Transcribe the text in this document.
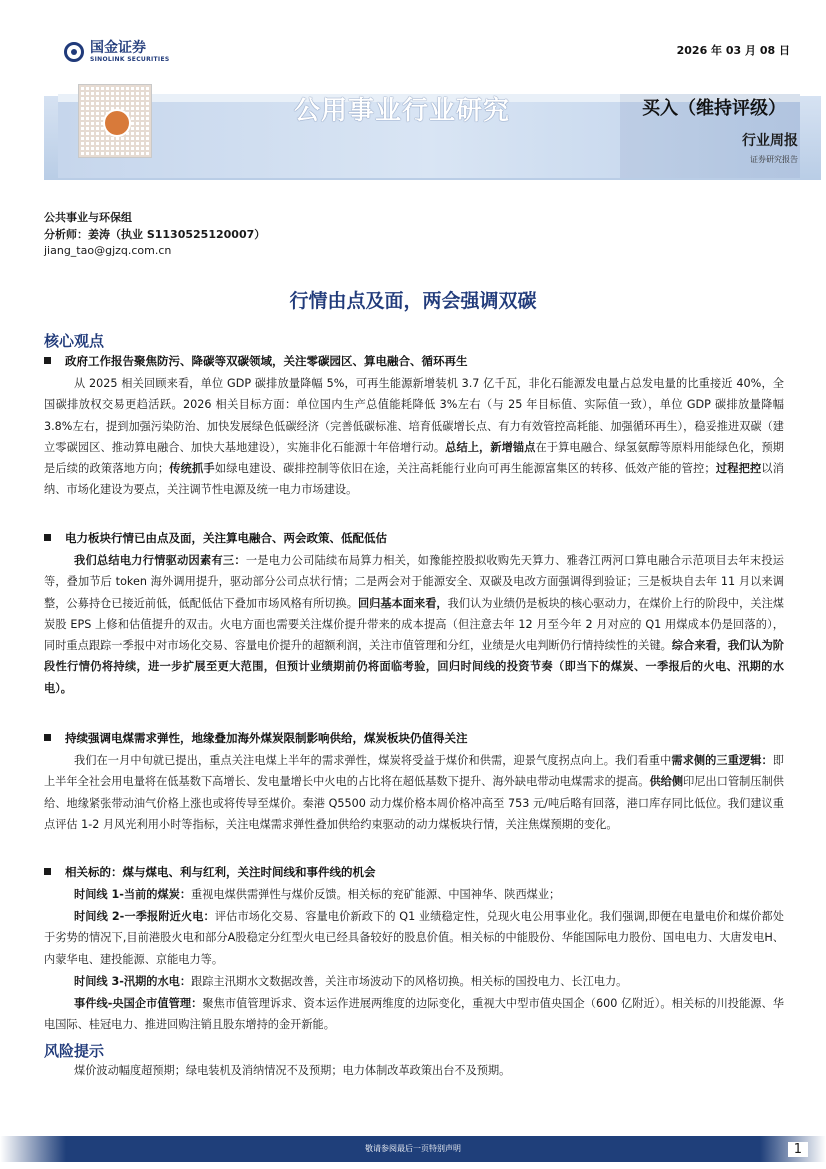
国金证券
SINOLINK SECURITIES
2026 年 03 月 08 日
公用事业行业研究	买入（维持评级）
行业周报
证券研究报告
公共事业与环保组
分析师：姜涛（执业 S1130525120007）
jiang_tao@gjzq.com.cn
行情由点及面，两会强调双碳
核心观点
政府工作报告聚焦防污、降碳等双碳领域，关注零碳园区、算电融合、循环再生
从 2025 相关回顾来看，单位 GDP 碳排放量降幅 5%，可再生能源新增装机 3.7 亿千瓦，非化石能源发电量占总发电量的比重接近 40%，全国碳排放权交易更趋活跃。2026 相关目标方面：单位国内生产总值能耗降低 3%左右（与 25 年目标值、实际值一致），单位 GDP 碳排放量降幅 3.8%左右，提到加强污染防治、加快发展绿色低碳经济（完善低碳标准、培育低碳增长点、有力有效管控高耗能、加强循环再生），稳妥推进双碳（建立零碳园区、推动算电融合、加快大基地建设），实施非化石能源十年倍增行动。总结上，新增锚点在于算电融合、绿氢氨醇等原料用能绿色化，预期是后续的政策落地方向；传统抓手如绿电建设、碳排控制等依旧在途，关注高耗能行业向可再生能源富集区的转移、低效产能的管控；过程把控以消纳、市场化建设为要点，关注调节性电源及统一电力市场建设。
电力板块行情已由点及面，关注算电融合、两会政策、低配低估
我们总结电力行情驱动因素有三：一是电力公司陆续布局算力相关，如豫能控股拟收购先天算力、雅砻江两河口算电融合示范项目去年末投运等，叠加节后 token 海外调用提升，驱动部分公司点状行情；二是两会对于能源安全、双碳及电改方面强调得到验证；三是板块自去年 11 月以来调整，公募持仓已接近前低，低配低估下叠加市场风格有所切换。回归基本面来看，我们认为业绩仍是板块的核心驱动力，在煤价上行的阶段中，关注煤炭股 EPS 上修和估值提升的双击。火电方面也需要关注煤价提升带来的成本提高（但注意去年 12 月至今年 2 月对应的 Q1 用煤成本仍是回落的），同时重点跟踪一季报中对市场化交易、容量电价提升的超额利润，关注市值管理和分红，业绩是火电判断仍行情持续性的关键。综合来看，我们认为阶段性行情仍将持续，进一步扩展至更大范围，但预计业绩期前仍将面临考验，回归时间线的投资节奏（即当下的煤炭、一季报后的火电、汛期的水电）。
持续强调电煤需求弹性，地缘叠加海外煤炭限制影响供给，煤炭板块仍值得关注
我们在一月中旬就已提出，重点关注电煤上半年的需求弹性，煤炭将受益于煤价和供需，迎景气度拐点向上。我们看重中需求侧的三重逻辑：即上半年全社会用电量将在低基数下高增长、发电量增长中火电的占比将在超低基数下提升、海外缺电带动电煤需求的提高。供给侧印尼出口管制压制供给、地缘紧张带动油气价格上涨也或将传导至煤价。秦港 Q5500 动力煤价格本周价格冲高至 753 元/吨后略有回落，港口库存同比低位。我们建议重点评估 1-2 月风光利用小时等指标，关注电煤需求弹性叠加供给约束驱动的动力煤板块行情，关注焦煤预期的变化。
相关标的：煤与煤电、利与红利，关注时间线和事件线的机会
时间线 1-当前的煤炭：重视电煤供需弹性与煤价反馈。相关标的兖矿能源、中国神华、陕西煤业；
时间线 2-一季报附近火电：评估市场化交易、容量电价新政下的 Q1 业绩稳定性，兑现火电公用事业化。我们强调,即便在电量电价和煤价都处于劣势的情况下,目前港股火电和部分A股稳定分红型火电已经具备较好的股息价值。相关标的中能股份、华能国际电力股份、国电电力、大唐发电H、内蒙华电、建投能源、京能电力等。
时间线 3-汛期的水电：跟踪主汛期水文数据改善，关注市场波动下的风格切换。相关标的国投电力、长江电力。
事件线-央国企市值管理：聚焦市值管理诉求、资本运作进展两维度的边际变化，重视大中型市值央国企（600 亿附近）。相关标的川投能源、华电国际、桂冠电力、推进回购注销且股东增持的金开新能。
风险提示
煤价波动幅度超预期；绿电装机及消纳情况不及预期；电力体制改革政策出台不及预期。
敬请参阅最后一页特别声明	1
